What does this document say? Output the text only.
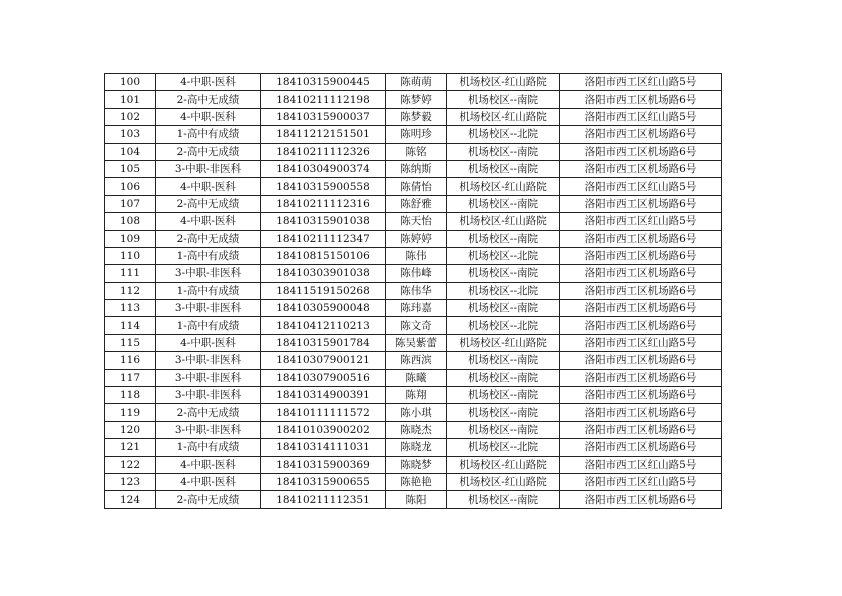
100	4-中职-医科	18410315900445	陈萌萌	机场校区-红山路院	洛阳市西工区红山路5号
101	2-高中无成绩	18410211112198	陈梦婷	机场校区--南院	洛阳市西工区机场路6号
102	4-中职-医科	18410315900037	陈梦毅	机场校区-红山路院	洛阳市西工区红山路5号
103	1-高中有成绩	18411212151501	陈明珍	机场校区--北院	洛阳市西工区机场路6号
104	2-高中无成绩	18410211112326	陈铭	机场校区--南院	洛阳市西工区机场路6号
105	3-中职-非医科	18410304900374	陈纳斯	机场校区--南院	洛阳市西工区机场路6号
106	4-中职-医科	18410315900558	陈倩怡	机场校区-红山路院	洛阳市西工区红山路5号
107	2-高中无成绩	18410211112316	陈舒雅	机场校区--南院	洛阳市西工区机场路6号
108	4-中职-医科	18410315901038	陈天怡	机场校区-红山路院	洛阳市西工区红山路5号
109	2-高中无成绩	18410211112347	陈婷婷	机场校区--南院	洛阳市西工区机场路6号
110	1-高中有成绩	18410815150106	陈伟	机场校区--北院	洛阳市西工区机场路6号
111	3-中职-非医科	18410303901038	陈伟峰	机场校区--南院	洛阳市西工区机场路6号
112	1-高中有成绩	18411519150268	陈伟华	机场校区--北院	洛阳市西工区机场路6号
113	3-中职-非医科	18410305900048	陈玮嘉	机场校区--南院	洛阳市西工区机场路6号
114	1-高中有成绩	18410412110213	陈文奇	机场校区--北院	洛阳市西工区机场路6号
115	4-中职-医科	18410315901784	陈吴紫蕾	机场校区-红山路院	洛阳市西工区红山路5号
116	3-中职-非医科	18410307900121	陈西滨	机场校区--南院	洛阳市西工区机场路6号
117	3-中职-非医科	18410307900516	陈曦	机场校区--南院	洛阳市西工区机场路6号
118	3-中职-非医科	18410314900391	陈翔	机场校区--南院	洛阳市西工区机场路6号
119	2-高中无成绩	18410111111572	陈小琪	机场校区--南院	洛阳市西工区机场路6号
120	3-中职-非医科	18410103900202	陈晓杰	机场校区--南院	洛阳市西工区机场路6号
121	1-高中有成绩	18410314111031	陈晓龙	机场校区--北院	洛阳市西工区机场路6号
122	4-中职-医科	18410315900369	陈晓梦	机场校区-红山路院	洛阳市西工区红山路5号
123	4-中职-医科	18410315900655	陈艳艳	机场校区-红山路院	洛阳市西工区红山路5号
124	2-高中无成绩	18410211112351	陈阳	机场校区--南院	洛阳市西工区机场路6号
